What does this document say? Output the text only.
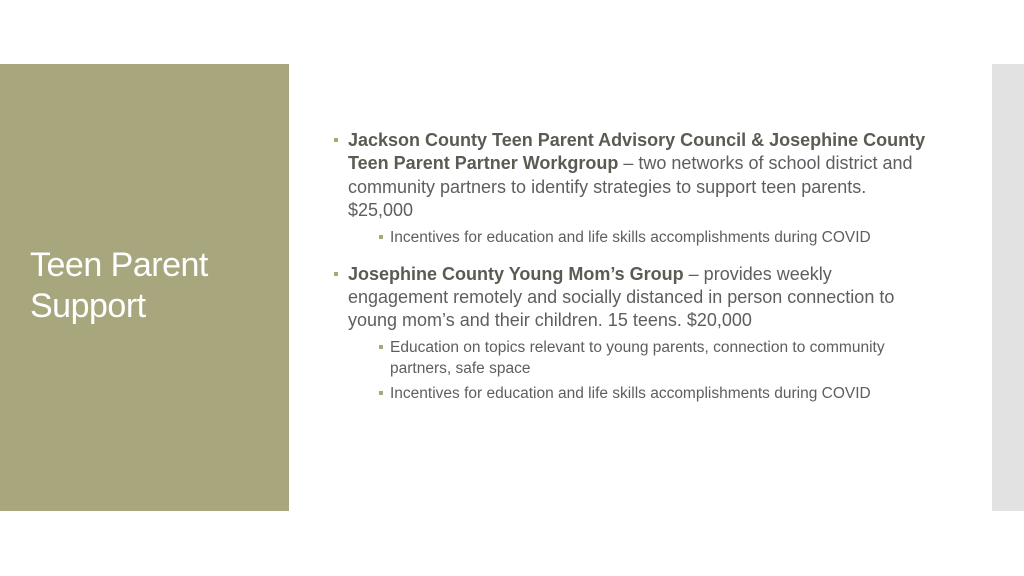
Teen Parent
Support
Jackson County Teen Parent Advisory Council & Josephine County Teen Parent Partner Workgroup – two networks of school district and community partners to identify strategies to support teen parents. $25,000
Incentives for education and life skills accomplishments during COVID
Josephine County Young Mom’s Group – provides weekly engagement remotely and socially distanced in person connection to young mom’s and their children. 15 teens. $20,000
Education on topics relevant to young parents, connection to community partners, safe space
Incentives for education and life skills accomplishments during COVID
